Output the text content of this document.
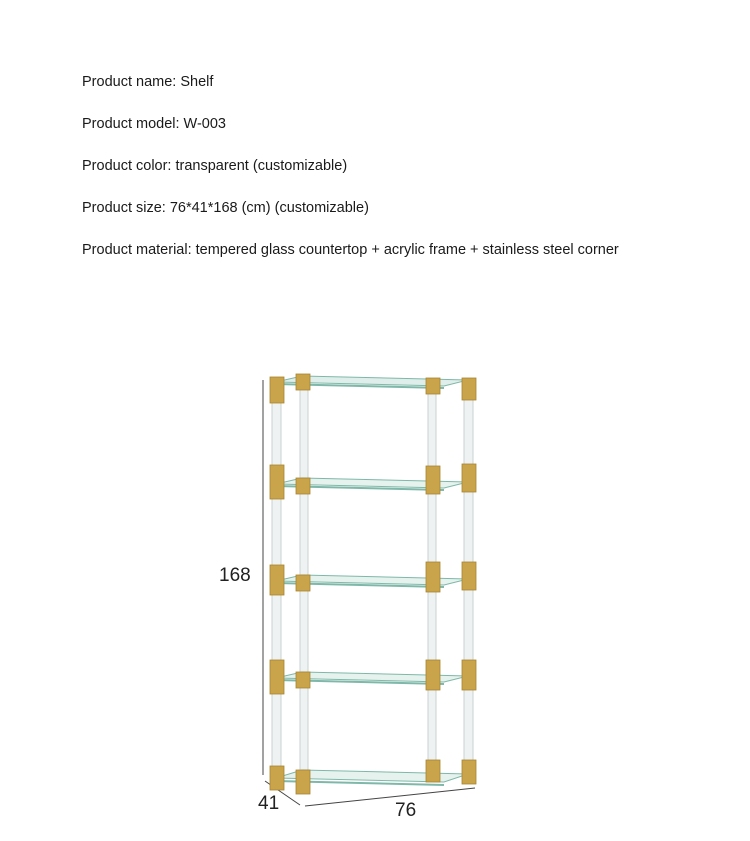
Product name: Shelf
Product model: W-003
Product color: transparent (customizable)
Product size: 76*41*168 (cm) (customizable)
Product material: tempered glass countertop + acrylic frame + stainless steel corner
168
41	76
